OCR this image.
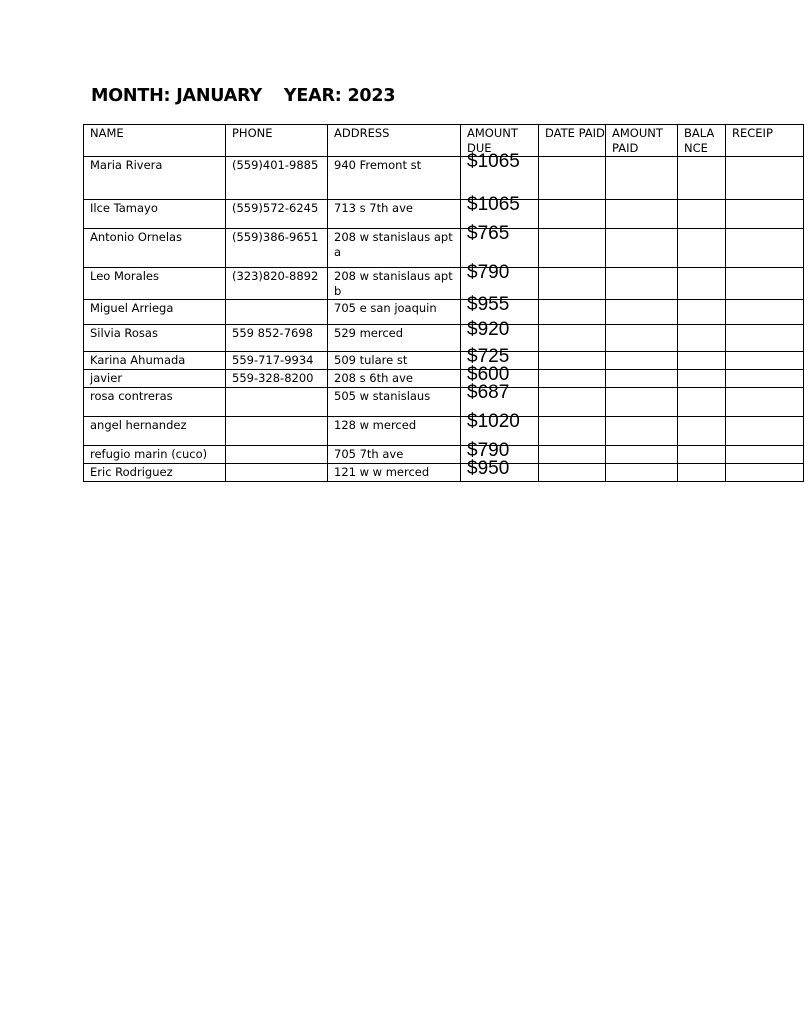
MONTH: JANUARY YEAR: 2023
NAME	PHONE	ADDRESS	AMOUNT DUE	DATE PAID	AMOUNT PAID	BALA NCE	RECEIP
Maria Rivera	(559)401-9885	940 Fremont st	$1065				
Ilce Tamayo	(559)572-6245	713 s 7th ave	$1065				
Antonio Ornelas	(559)386-9651	208 w stanislaus apt a	$765				
Leo Morales	(323)820-8892	208 w stanislaus apt b	$790				
Miguel Arriega		705 e san joaquin	$955				
Silvia Rosas	559 852-7698	529 merced	$920				
Karina Ahumada	559-717-9934	509 tulare st	$725				
javier	559-328-8200	208 s 6th ave	$600				
rosa contreras		505 w stanislaus	$687				
angel hernandez		128 w merced	$1020				
refugio marin (cuco)		705 7th ave	$790				
Eric Rodriguez		121 w w merced	$950				
